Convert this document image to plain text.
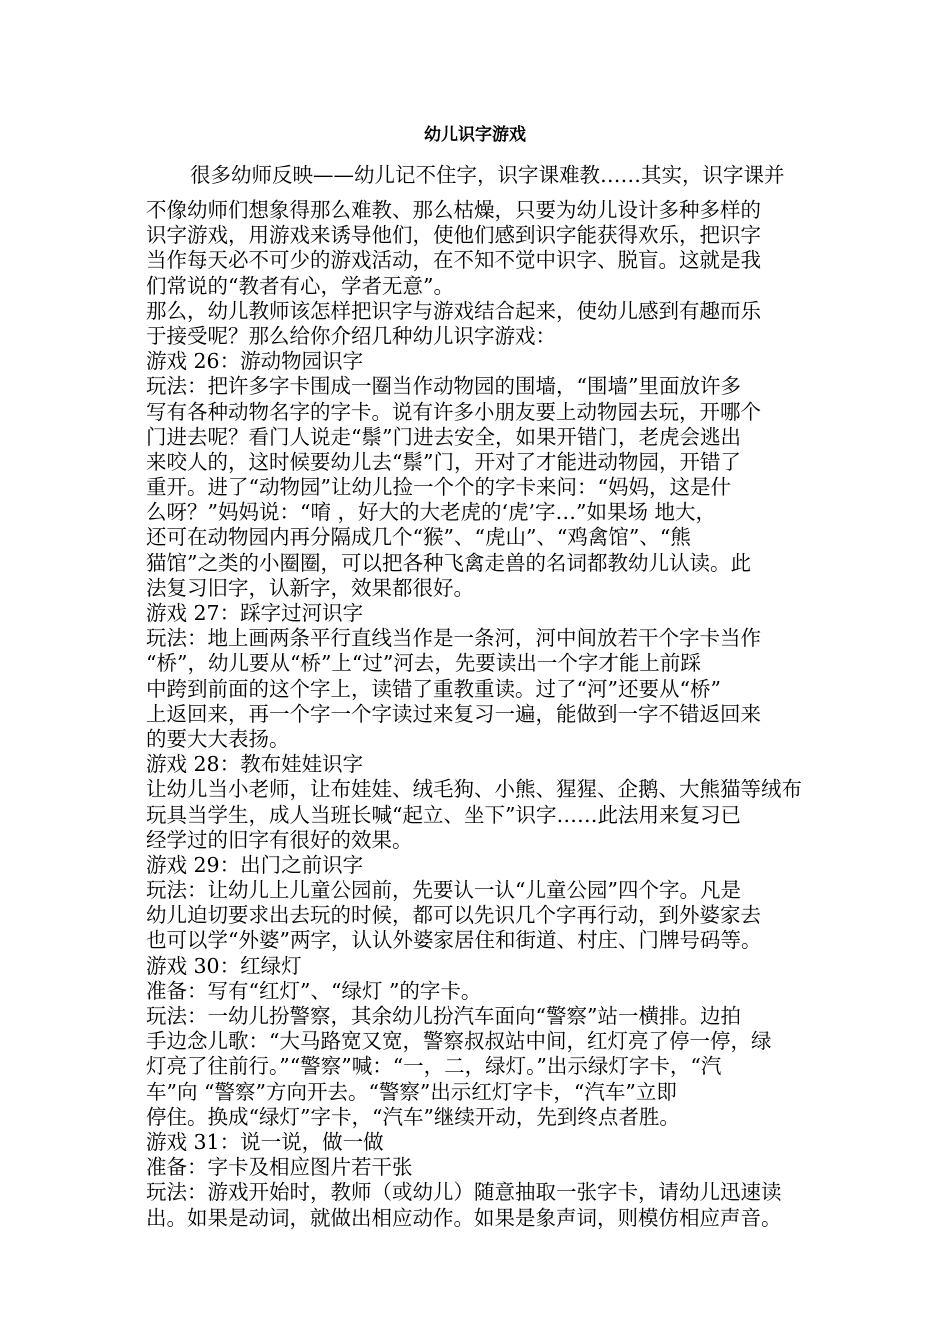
幼儿识字游戏
很多幼师反映——幼儿记不住字，识字课难教……其实，识字课并
不像幼师们想象得那么难教、那么枯燥，只要为幼儿设计多种多样的
识字游戏，用游戏来诱导他们，使他们感到识字能获得欢乐，把识字
当作每天必不可少的游戏活动，在不知不觉中识字、脱盲。这就是我
们常说的“教者有心，学者无意”。
那么，幼儿教师该怎样把识字与游戏结合起来，使幼儿感到有趣而乐
于接受呢？那么给你介绍几种幼儿识字游戏：
游戏 26：游动物园识字
玩法：把许多字卡围成一圈当作动物园的围墙，“围墙”里面放许多
写有各种动物名字的字卡。说有许多小朋友要上动物园去玩，开哪个
门进去呢？看门人说走“鬃”门进去安全，如果开错门，老虎会逃出
来咬人的，这时候要幼儿去“鬃”门，开对了才能进动物园，开错了
重开。进了“动物园”让幼儿捡一个个的字卡来问：“妈妈，这是什
么呀？”妈妈说：“唷 ，好大的大老虎的‘虎’字…”如果场 地大，
还可在动物园内再分隔成几个“猴”、“虎山”、“鸡禽馆”、“熊
猫馆”之类的小圈圈，可以把各种飞禽走兽的名词都教幼儿认读。此
法复习旧字，认新字，效果都很好。
游戏 27：踩字过河识字
玩法：地上画两条平行直线当作是一条河，河中间放若干个字卡当作
“桥”，幼儿要从“桥”上“过”河去，先要读出一个字才能上前踩
中跨到前面的这个字上，读错了重教重读。过了“河”还要从“桥”
上返回来，再一个字一个字读过来复习一遍，能做到一字不错返回来
的要大大表扬。
游戏 28：教布娃娃识字
让幼儿当小老师，让布娃娃、绒毛狗、小熊、猩猩、企鹅、大熊猫等绒布
玩具当学生，成人当班长喊“起立、坐下”识字……此法用来复习已
经学过的旧字有很好的效果。
游戏 29：出门之前识字
玩法：让幼儿上儿童公园前，先要认一认“儿童公园”四个字。凡是
幼儿迫切要求出去玩的时候，都可以先识几个字再行动，到外婆家去
也可以学“外婆”两字，认认外婆家居住和街道、村庄、门牌号码等。
游戏 30：红绿灯
准备：写有“红灯”、“绿灯 ”的字卡。
玩法：一幼儿扮警察，其余幼儿扮汽车面向“警察”站一横排。边拍
手边念儿歌：“大马路宽又宽，警察叔叔站中间，红灯亮了停一停，绿
灯亮了往前行。”“警察”喊：“一，二，绿灯。”出示绿灯字卡，“汽
车”向 “警察”方向开去。“警察”出示红灯字卡，“汽车”立即
停住。换成“绿灯”字卡，“汽车”继续开动，先到终点者胜。
游戏 31：说一说，做一做
准备：字卡及相应图片若干张
玩法：游戏开始时，教师（或幼儿）随意抽取一张字卡，请幼儿迅速读
出。如果是动词，就做出相应动作。如果是象声词，则模仿相应声音。
